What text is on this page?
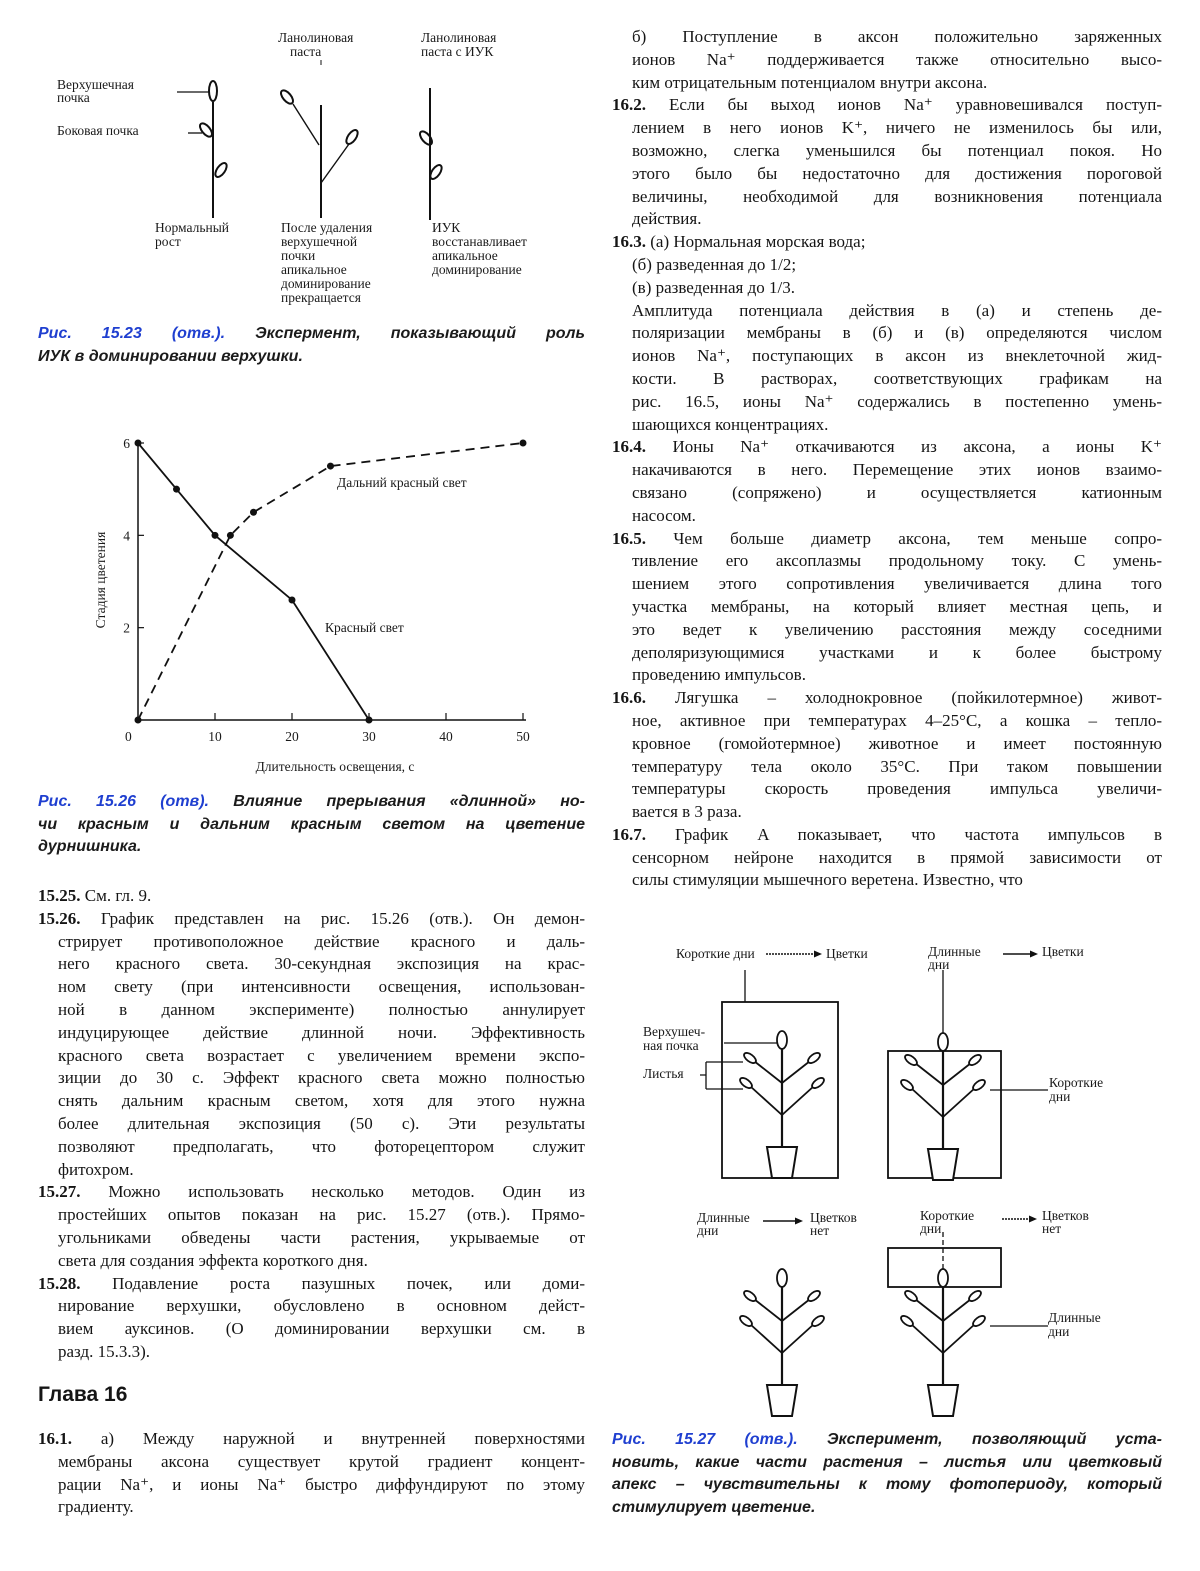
Верхушечная
почка
Боковая почка
Ланолиновая
паста
Ланолиновая
паста с ИУК
Нормальный
рост
После удаления
верхушечной
почки
апикальное
доминирование
прекращается
ИУК
восстанавливает
апикальное
доминирование
Рис. 15.23 (отв.). Экспермент, показывающий роль
ИУК в доминировании верхушки.
0	10	20	30	40	50
2
4
6
Длительность освещения, с
Стадия цветения	Красный свет
Дальний красный свет
Рис. 15.26 (отв). Влияние прерывания «длинной» но-
чи красным и дальним красным светом на цветение
дурнишника.
15.25. См. гл. 9.
15.26. График представлен на рис. 15.26 (отв.). Он демон-
стрирует противоположное действие красного и даль-
него красного света. 30-секундная экспозиция на крас-
ном свету (при интенсивности освещения, использован-
ной в данном эксперименте) полностью аннулирует
индуцирующее действие длинной ночи. Эффективность
красного света возрастает с увеличением времени экспо-
зиции до 30 с. Эффект красного света можно полностью
снять дальним красным светом, хотя для этого нужна
более длительная экспозиция (50 с). Эти результаты
позволяют предполагать, что фоторецептором служит
фитохром.
15.27. Можно использовать несколько методов. Один из
простейших опытов показан на рис. 15.27 (отв.). Прямо-
угольниками обведены части растения, укрываемые от
света для создания эффекта короткого дня.
15.28. Подавление роста пазушных почек, или доми-
нирование верхушки, обусловлено в основном дейст-
вием ауксинов. (О доминировании верхушки см. в
разд. 15.3.3).
Глава 16
16.1. а) Между наружной и внутренней поверхностями
мембраны аксона существует крутой градиент концент-
рации Na⁺, и ионы Na⁺ быстро диффундируют по этому
градиенту.
б) Поступление в аксон положительно заряженных
ионов Na⁺ поддерживается также относительно высо-
ким отрицательным потенциалом внутри аксона.
16.2. Если бы выход ионов Na⁺ уравновешивался поступ-
лением в него ионов K⁺, ничего не изменилось бы или,
возможно, слегка уменьшился бы потенциал покоя. Но
этого было бы недостаточно для достижения пороговой
величины, необходимой для возникновения потенциала
действия.
16.3. (а) Нормальная морская вода;
(б) разведенная до 1/2;
(в) разведенная до 1/3.
Амплитуда потенциала действия в (а) и степень де-
поляризации мембраны в (б) и (в) определяются числом
ионов Na⁺, поступающих в аксон из внеклеточной жид-
кости. В растворах, соответствующих графикам на
рис. 16.5, ионы Na⁺ содержались в постепенно умень-
шающихся концентрациях.
16.4. Ионы Na⁺ откачиваются из аксона, а ионы K⁺
накачиваются в него. Перемещение этих ионов взаимо-
связано (сопряжено) и осуществляется катионным
насосом.
16.5. Чем больше диаметр аксона, тем меньше сопро-
тивление его аксоплазмы продольному току. С умень-
шением этого сопротивления увеличивается длина того
участка мембраны, на который влияет местная цепь, и
это ведет к увеличению расстояния между соседними
деполяризующимися участками и к более быстрому
проведению импульсов.
16.6. Лягушка – холоднокровное (пойкилотермное) живот-
ное, активное при температурах 4–25°C, а кошка – тепло-
кровное (гомойотермное) животное и имеет постоянную
температуру тела около 35°C. При таком повышении
температуры скорость проведения импульса увеличи-
вается в 3 раза.
16.7. График A показывает, что частота импульсов в
сенсорном нейроне находится в прямой зависимости от
силы стимуляции мышечного веретена. Известно, что
Короткие дни	Цветки
Верхушеч-
ная почка
Листья
Длинные
дни
Цветки
Короткие
дни
Длинные
дни
Цветков
нет
Короткие
дни
Цветков
нет
Длинные
дни
Рис. 15.27 (отв.). Эксперимент, позволяющий уста-
новить, какие части растения – листья или цветковый
апекс – чувствительны к тому фотопериоду, который
стимулирует цветение.
